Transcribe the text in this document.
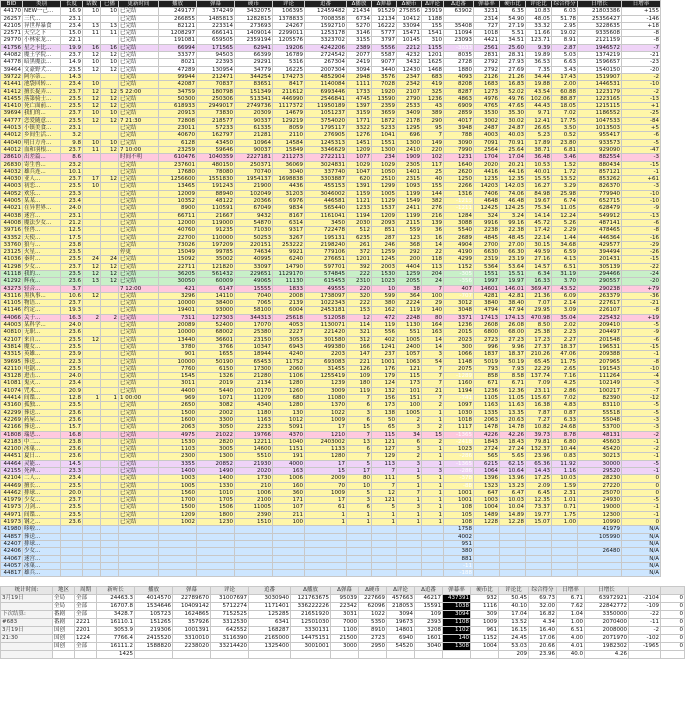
BID	类别	长度	话数	已播	更新时间	播放	弹幕	硬币	评论	追番	Δ播放	Δ弹幕	Δ硬币	Δ评论	Δ追番	弹幕率	硬币比	评论比	综合得分	日增长	日增率
44170	NEW一己...	16.9	10	10	已完结	249177	374249	3432075	106395	12459482	21434	91529	275856	23919	63902	3231	6.35	10.83	6.03	21803386	+155
26257	三代...	23.1			已完结	266855	1485813	1282815	1378833	7008358	6734	12134	10412	1188	-9461	2314	54.90	48.05	51.78	25356427	-146
42105	异世界暴食	23.4	13	13	已完结	82121	223314	273693	24267	1592710	5270	16222	33094	155	35408	727	27.19	33.32	2.95	3228635	+18
22571	天空之下	15.0	11	11	已完结	1208297	666141	1409014	2299011	1253178	3146	5777	15471	1541	11094	1018	5.51	11.66	19.02	9335608	-8
29770	小林家龙...	22.1			已完结	191081	659505	2359194	1205576	3323702	3155	3797	10145	310	23093	4421	34.51	123.71	8.91	2121159	-8
41756	星之卡比...	19.9	16	16	已完结	66994	171565	62941	19206	4242206	2389	5556	2212	1155	-3033	2561	25.60	9.39	2.87	1946572	-7
44082	魔王学院...	23.7	12	12	已完结	33377	94503	66399	16789	2724542	2077	5587	4232	1201	8035	2831	28.31	19.89	5.03	1374219	-21
44778	暗黑魔法...	14.9	10	10	已完结	8021	22393	29291	5316	267304	2419	9077	3432	1625	2728	2792	27.93	36.53	6.63	1596657	-23
39464	文豪野犬...	23.5	12	12	已完结	47289	130954	34779	16225	2007304	3094	3440	12430	1468	1880	2792	27.69	7.35	3.43	1540150	-20
39722	阿尔蒂...	14.3			已完结	99944	212471	344254	174273	4852904	2948	3576	2347	683	4093	2126	21.26	34.44	17.43	1519907	-2
41441	池袋回转...	23.4	10		已完结	42087	70837	83651	8417	1140084	1111	7028	2342	419	8208	1683	16.83	19.88	2.00	1446531	-10
41412	擅长捉弄...	23.7	12	12	5 22:00	34759	180798	151349	211612	6993446	1733	1920	2107	325	8287	1273	52.02	43.54	60.88	1223179	-2
41455	落第骑士...	23.5	12	12	已完结	50300	250306	513341	446990	2546841	4745	13590	2790	1236	4863	4976	49.76	102.06	88.87	1223165	-13
41410	死亡面前...	23.5	12	12	已完结	618933	2949017	2749736	1117372	11950189	1397	2359	2533	43	6909	4765	47.65	44.43	18.05	1215115	+1
39694	我们的...	23.7	10	10	已完结	20913	73830	20309	14679	1051237	3159	3659	3409	389	2859	3530	35.30	9.71	7.02	1186552	-25
44777	恋爱随意...	23.5	12	12	7 21:30	72808	218577	90337	129219	3754020	1771	1872	2178	290	4017	3002	30.02	12.41	17.75	1047533	-84
44013	小镇美食...	23.1			已完结	23011	57233	61335	8059	1795117	3322	5233	1295	95	3948	2487	24.87	26.65	3.50	1013503	+5
44012	乡间生活...	3.2			已完结	40670	162797	21281	2110	276905	1276	1041	696	7	788	4003	40.03	5.23	0.52	955417	-6
44040	明日方舟...	9.8	10	10	已完结	6128	43450	10964	14584	1245313	1451	1551	1300	149	3090	7091	70.91	17.89	23.80	933573	-5
44012	血和羽根...	23.7	11	12	7 10:00	23259	59646	90037	15849	3346629	1209	1300	2410	220	7990	2564	25.64	38.71	6.81	929090	-47
28610	出差篇...	8.6			时间不明	610476	1040359	2227181	211273	2722111	1077	234	1909	102	1231	1704	17.04	36.48	3.46	882554	-3
26830	寄生兽...	23.2			已完结	237601	480150	250371	36069	3024831	1029	1029	2305	117	1640	2020	20.21	10.53	1.52	880434	-15
44032	雄兵连...	10.1			已完结	17680	78080	70740	3040	337740	1047	1050	1401	25	2620	4416	44.16	40.01	1.72	857121	-1
44030	亚人...	23.7	17	12	已完结	1256600	1551830	1954137	1698838	3303887	620	2510	2315	40	1250	1235	12.35	15.55	13.52	853262	+61
44003	初恋...	23.5	10		已完结	13465	191243	21900	4436	455153	1391	1299	1093	155	2266	14203	142.03	16.27	3.29	826370	-3
44052	欢乐...	23.3			已完结	12009	88940	102049	31203	3046002	1159	1005	1199	144	1316	7406	74.06	84.98	25.98	779940	-10
44005	某某...	23.4			已完结	10352	48122	20366	6976	446581	1121	1129	1549	382	-1213	4648	46.48	19.67	6.74	652715	-10
44021	在异世界...	24.0			已完结	8900	110591	67049	9834	565440	1233	1537	2411	276	-1211	12425	124.25	75.34	11.05	628479	-9
44038	迷宫...	23.1			已完结	66711	21667	9432	8167	1161041	1194	1209	1199	216	1284	324	3.24	14.14	12.24	549912	-13
44008	魔法少女...	21.2			已完结	12000	119000	54870	6314	3450	2030	2093	2115	139	3088	9916	99.16	45.72	5.26	487141	-6
39716	怪兽...	12.5			已完结	40760	91235	71030	9317	722478	512	851	559	36	5540	2238	22.38	17.42	2.29	478465	-8
43352	天使...	17.5			已完结	22700	110000	50253	3267	195131	6235	287	123	16	2689	4845	48.45	22.14	1.44	446364	-16
33760	狼与...	23.8			已完结	73026	197209	220151	253222	2198240	261	246	368	14	4904	2700	27.00	30.15	34.68	429577	-29
23125	火星...	23.5			停更	15049	99785	74634	9921	779106	372	1259	292	22	4190	6630	66.30	49.59	6.59	394494	-26
41036	秦时...	23.5	24	24	已完结	15092	35002	40995	6240	276651	1201	1245	200	118	4299	2319	23.19	27.16	4.13	201431	-15
41298	少女...	23.7	12	12	已完结	22711	121820	33097	14790	597701	392	2003	4404	113	1152	5364	53.64	14.57	6.51	305139	-22
41118	我的...	23.5	12	12	已完结	36205	561432	229651	1129170	574845	222	1530	1259	204	-305	1551	15.51	6.34	31.19	294466	-24
41292	辉夜...	23.6	13	12	已完结	30050	60009	49065	11130	615453	2310	1023	2055	24	-356	1997	19.97	16.33	3.70	290557	-20
43273	轻音...	3.7			7 12:00	421	6147	15555	1833	49555	220	10	38	7	407	14601	146.01	369.47	43.52	290238	+79
43116	黑执事...	10.6	12		已完结	3296	14110	7040	2008	1738097	320	599	364	100	-707	4281	42.81	21.36	6.09	263379	-36
41105	物语...	23.7			已完结	10000	38400	7065	2139	1022343	222	380	2224	29	3012	3840	38.40	7.07	2.14	227617	-21
41146	约定...	19.3			已完结	19401	93000	58100	6004	2453181	153	162	119	140	3048	4794	47.94	29.95	3.09	226107	-8
44066	关于...	16.3	2	2	已完结	7311	127303	344313	25618	512058	12	472	2248	80	3371	17413	174.13	470.98	35.04	225432	+19
44003	某科学...	24.0			已完结	20089	52400	17070	4053	1130071	114	119	1130	164	1236	2608	26.08	8.50	2.02	209410	-5
40810	无职...	23.6			已完结	10000	68002	25380	2227	221420	321	556	551	163	2015	6800	68.00	25.38	2.23	204497	-9
42107	来自...	23.5	12		已完结	13440	36601	23150	3053	301580	312	402	1005	14	2023	2723	27.23	17.23	2.27	201548	-6
43814	魔女...	23.5			已完结	3780	3766	10347	6943	499380	166	1241	2400	14	300	996	9.96	27.37	18.37	196531	-15
43315	英雄...	23.9			已完结	901	1655	18944	4240	2203	147	237	1057	3	1066	1837	18.37	210.26	47.06	209388	-1
39695	葬送...	22.3			已完结	10000	50190	65453	11752	693083	221	1001	1063	54	1148	5019	50.19	65.45	11.75	207965	-8
42110	电锯...	23.5			已完结	7760	6150	17300	2060	31455	126	176	121	7	2075	793	7.93	22.29	2.65	191543	-10
43128	进击...	24.0			已完结	1545	1326	21280	1106	1255419	109	179	115	7	-1289	858	8.58	137.74	7.16	111264	-4
41081	鬼灭...	23.4			已完结	3011	2019	2134	1280	1239	180	124	173	7	1160	671	6.71	7.09	4.25	102149	-3
41074	咒术...	20.9			已完结	4400	5440	10170	1260	3009	119	132	101	21	1194	1236	12.36	23.11	2.86	100217	-7
44414	间谍...	12.8	1	1	1 00:00	969	1071	11209	680	11080	7	156	151	7	-741	1105	11.05	115.67	7.02	82390	-12
43160	孤独...	23.5			已完结	2650	3082	4340	1280	1370	6	173	100	2	1097	1163	11.63	16.38	4.83	83110	-5
42299	葬送...	23.6			已完结	1500	2002	1180	130	1022	3	138	1005	1	1030	1335	13.35	7.87	0.87	55518	-5
42269	药屋...	23.6			已完结	1600	3300	1163	1012	1009	6	50	2	1	1018	2063	20.63	7.27	6.33	55048	-3
42166	葬送...	15.7			已完结	2063	3050	2233	5091	17	15	65	3	2	1117	1478	14.78	10.82	24.68	53700	-3
41808	瑞思...	16.8			已完结	4975	21022	19766	4370	1210	7	115	34	15	-1365	4226	42.26	39.73	8.78	48131	-2
42183	中二...	23.8			已完结	1530	2820	12211	1040	2403002	13	121	6	2	-2418	1843	18.43	79.81	6.80	45603	-1
42100	冰菓...	23.6			已完结	1103	3005	14600	1151	1133	6	127	3	1	1023	2724	27.24	132.37	10.44	45420	-2
44451	夏日...	23.6			已完结	2300	1300	5510	191	1280	7	129	2	1	-286	565	5.65	23.96	0.83	30213	-1
44464	灵能...	14.5			已完结	3355	20852	21930	4000	17	5	113	3	1	-1365	6215	62.15	65.36	11.92	30000	-5
42155	死神...	23.3			已完结	1400	1490	2020	163	15	17	7	1	3	-286	1064	10.64	14.43	1.16	29520	-1
42104	二人...	23.4			已完结	1003	1400	1730	1006	2009	80	111	5	1	-378	1396	13.96	17.25	10.03	28230	0
44469	擅长...	23.5			已完结	1005	1330	210	160	70	10	7	1	1	-88	1323	13.23	2.09	1.59	27220	0
44462	排球...	20.0			已完结	1560	1010	1006	360	1009	5	12	7	1	1001	647	6.47	6.45	2.31	25070	0
41979	少女...	23.7			已完结	1700	1705	2100	171	17	3	121	1	1	1001	1003	10.03	12.35	1.01	24930	-5
41973	刀剑...	23.5			已完结	1500	1506	11005	107	61	6	5	3	1	108	1004	10.04	73.37	0.71	19000	-1
44971	间谍...	23.5			已完结	1209	1800	2390	211	1	1	1	1	1	105	1489	14.89	19.77	1.75	12300	-1
41973	钢之...	23.6			已完结	1002	1230	1510	100	1	1	1	1	1	108	1228	12.28	15.07	1.00	10990	0
41980	哆啦...														1758					41979	N/A
44857	葬送...														4002					105990	N/A
42407	排球...														951						N/A
42406	少女...														380					26480	N/A
44067	迷宫...														881						N/A
44057	冰菓...														-11						N/A
44817	雄兵...														-188						N/A
统计时间:	地区	周期	新听长	播放	弹幕	评论	追番	Δ播放	Δ弹幕	Δ硬币	Δ评论	Δ追番	弹幕率	硬币比	评论比	综合得分	日增率	日增长		
3月19日	全局	全部	24463.3	4014570	22789670	31007697	3030940	121763675	95039	227669	457663	46217	437391	932	50.45	69.73	6.71	63972921	-2104	0
	全局	全部	16707.8	1534646	10409142	5712274	1171401	336222226	22342	62096	218053	15591	1038	1116	40.10	32.00	7.62	22842772	-109	0
下次结算:	番剧	全部	3428.7	105723	1624865	7152525	125285	21651920	3031	1022	3094	109	3094	309	17.04	16.82	1.04	3350000	-22	0
#683	番剧	2221	16110.1	151265	357926	3312530	6341	12501030	7000	5350	19673	2393	1108	1009	13.52	4.34	1.00	2070400	-11	0
3月19日	国创	2201	3053.9	219306	1001391	642552	168287	3330131	1100	8910	14801	3208	1102	961	16.15	16.40	6.51	2008000	-2	0
21:30	国创	1224	7766.4	2415520	3310010	3116390	2165000	14475151	21500	2723	6940	1601	140	1152	24.45	17.06	4.00	2071970	-102	0
	国创	全部	16111.2	1588820	2238020	33214420	1325400	3001001	3000	2950	54520	3040	1308	1004	53.03	20.66	4.01	1982302	-1965	0
			1425												209	23.96	40.0	4.26		
